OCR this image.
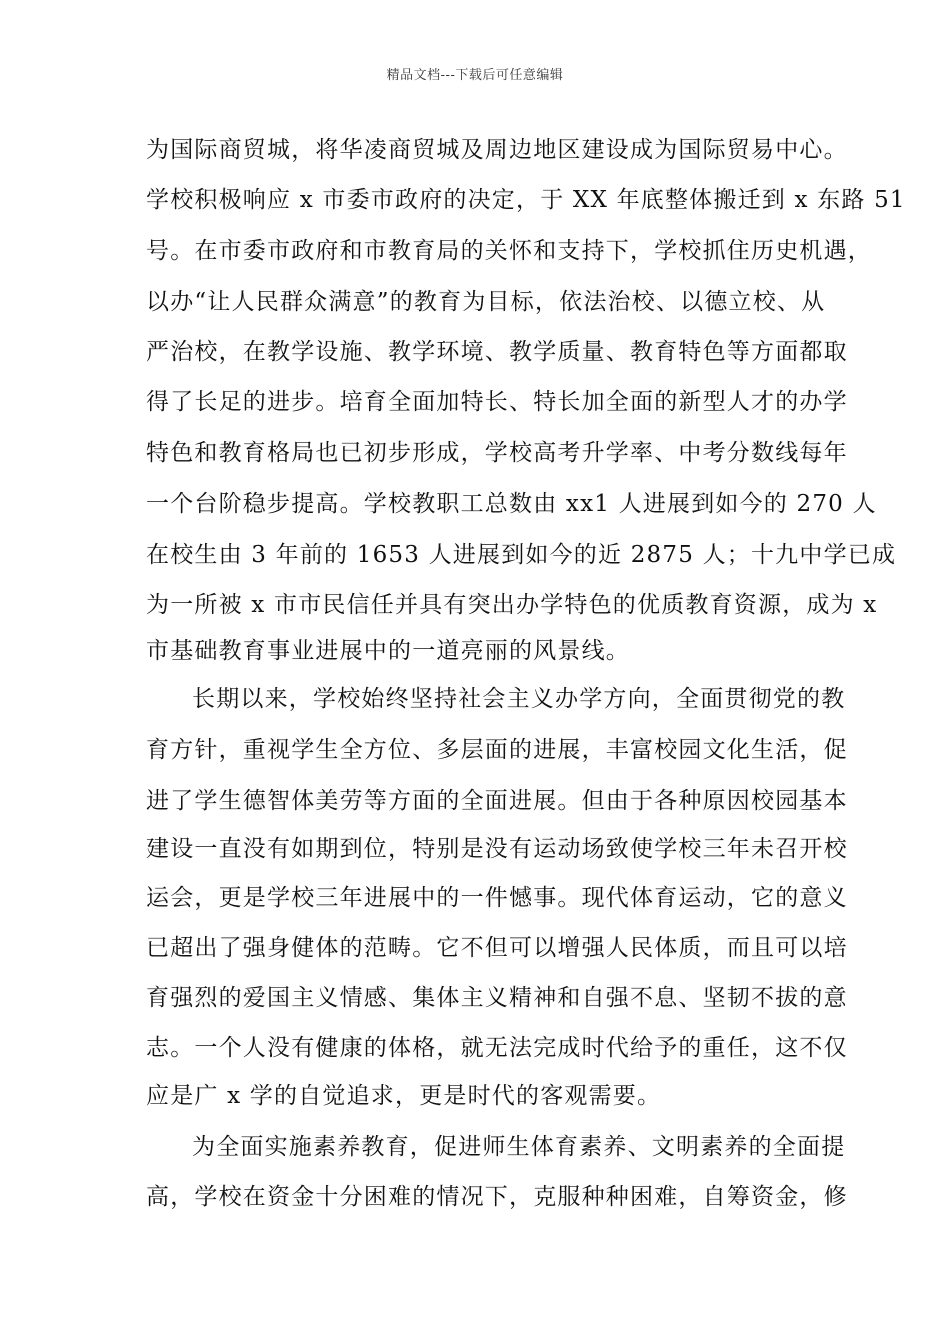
精品文档---下载后可任意编辑
为国际商贸城，将华凌商贸城及周边地区建设成为国际贸易中心。
学校积极响应 x 市委市政府的决定，于 XX 年底整体搬迁到 x 东路 51
号。在市委市政府和市教育局的关怀和支持下，学校抓住历史机遇，
以办“让人民群众满意”的教育为目标，依法治校、以德立校、从
严治校，在教学设施、教学环境、教学质量、教育特色等方面都取
得了长足的进步。培育全面加特长、特长加全面的新型人才的办学
特色和教育格局也已初步形成，学校高考升学率、中考分数线每年
一个台阶稳步提高。学校教职工总数由 xx1 人进展到如今的 270 人
在校生由 3 年前的 1653 人进展到如今的近 2875 人；十九中学已成
为一所被 x 市市民信任并具有突出办学特色的优质教育资源，成为 x
市基础教育事业进展中的一道亮丽的风景线。
长期以来，学校始终坚持社会主义办学方向，全面贯彻党的教
育方针，重视学生全方位、多层面的进展，丰富校园文化生活，促
进了学生德智体美劳等方面的全面进展。但由于各种原因校园基本
建设一直没有如期到位，特别是没有运动场致使学校三年未召开校
运会，更是学校三年进展中的一件憾事。现代体育运动，它的意义
已超出了强身健体的范畴。它不但可以增强人民体质，而且可以培
育强烈的爱国主义情感、集体主义精神和自强不息、坚韧不拔的意
志。一个人没有健康的体格，就无法完成时代给予的重任，这不仅
应是广 x 学的自觉追求，更是时代的客观需要。
为全面实施素养教育，促进师生体育素养、文明素养的全面提
高，学校在资金十分困难的情况下，克服种种困难，自筹资金，修
